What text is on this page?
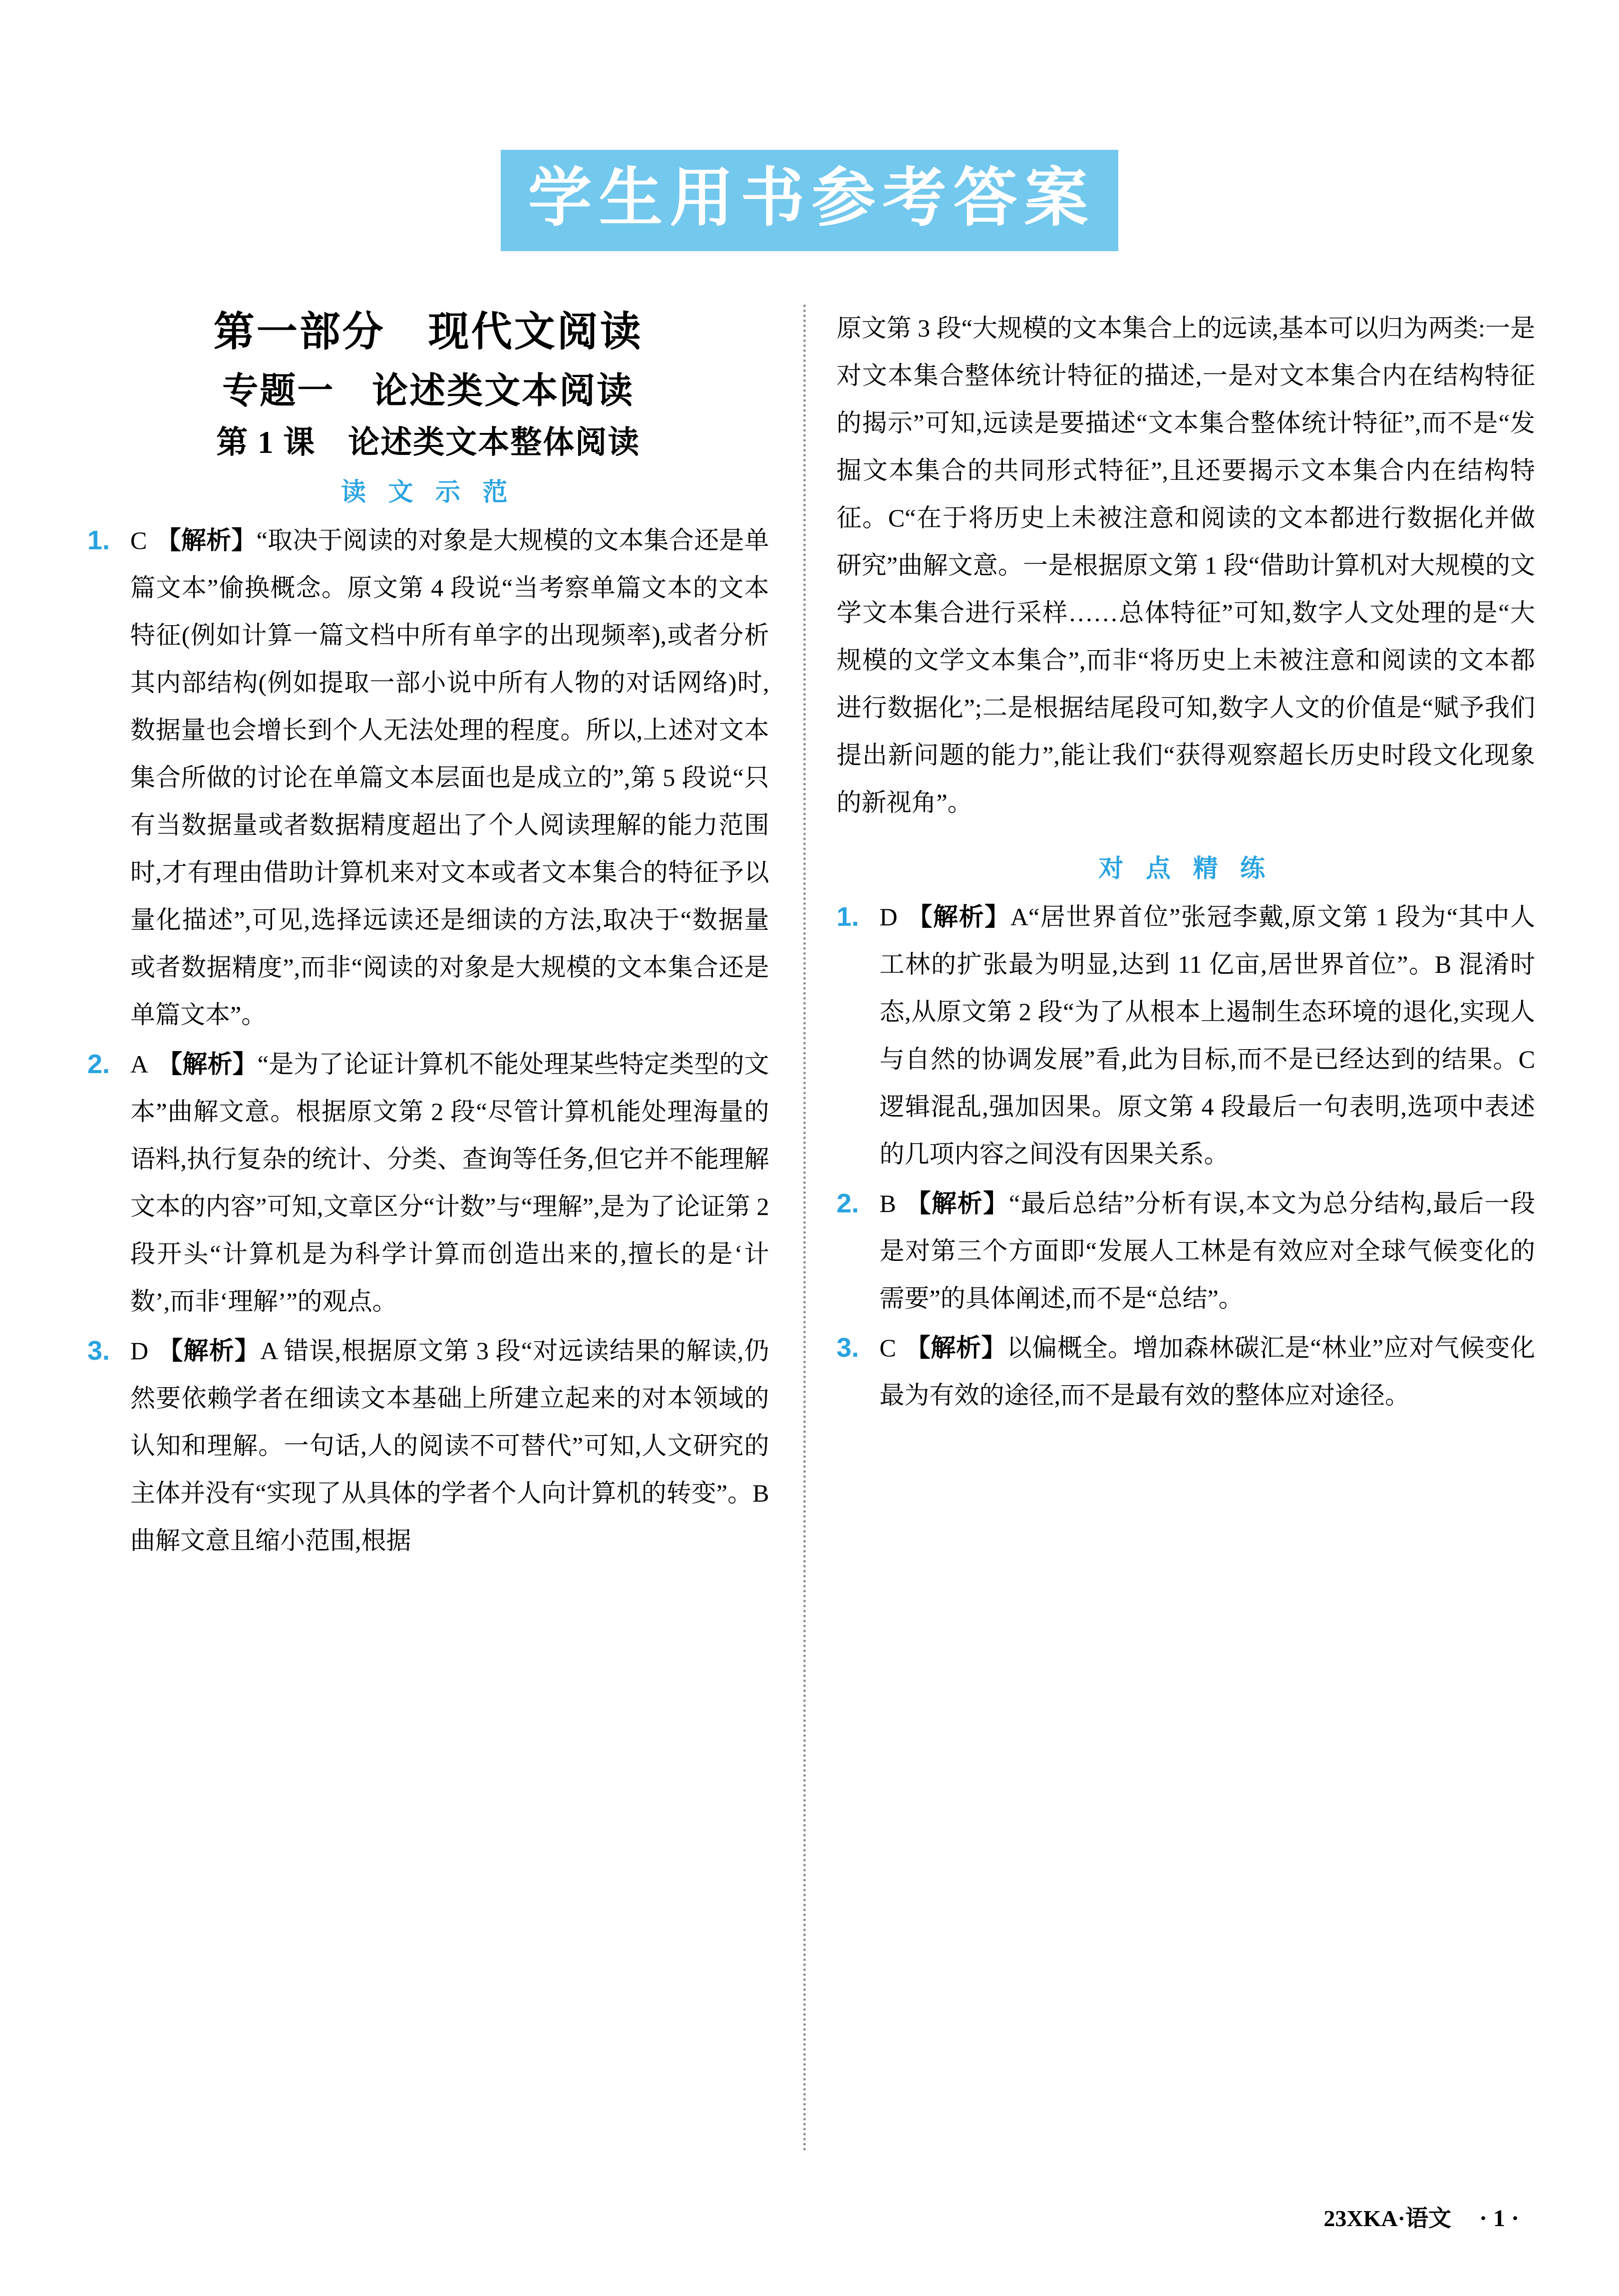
学生用书参考答案
第一部分　现代文阅读
专题一　论述类文本阅读
第 1 课　论述类文本整体阅读
读 文 示 范
1. C 【解析】“取决于阅读的对象是大规模的文本集合还是单篇文本”偷换概念。原文第 4 段说“当考察单篇文本的文本特征(例如计算一篇文档中所有单字的出现频率),或者分析其内部结构(例如提取一部小说中所有人物的对话网络)时,数据量也会增长到个人无法处理的程度。所以,上述对文本集合所做的讨论在单篇文本层面也是成立的”,第 5 段说“只有当数据量或者数据精度超出了个人阅读理解的能力范围时,才有理由借助计算机来对文本或者文本集合的特征予以量化描述”,可见,选择远读还是细读的方法,取决于“数据量或者数据精度”,而非“阅读的对象是大规模的文本集合还是单篇文本”。
2. A 【解析】“是为了论证计算机不能处理某些特定类型的文本”曲解文意。根据原文第 2 段“尽管计算机能处理海量的语料,执行复杂的统计、分类、查询等任务,但它并不能理解文本的内容”可知,文章区分“计数”与“理解”,是为了论证第 2 段开头“计算机是为科学计算而创造出来的,擅长的是‘计数’,而非‘理解’”的观点。
3. D 【解析】A 错误,根据原文第 3 段“对远读结果的解读,仍然要依赖学者在细读文本基础上所建立起来的对本领域的认知和理解。一句话,人的阅读不可替代”可知,人文研究的主体并没有“实现了从具体的学者个人向计算机的转变”。B 曲解文意且缩小范围,根据
原文第 3 段“大规模的文本集合上的远读,基本可以归为两类:一是对文本集合整体统计特征的描述,一是对文本集合内在结构特征的揭示”可知,远读是要描述“文本集合整体统计特征”,而不是“发掘文本集合的共同形式特征”,且还要揭示文本集合内在结构特征。C“在于将历史上未被注意和阅读的文本都进行数据化并做研究”曲解文意。一是根据原文第 1 段“借助计算机对大规模的文学文本集合进行采样……总体特征”可知,数字人文处理的是“大规模的文学文本集合”,而非“将历史上未被注意和阅读的文本都进行数据化”;二是根据结尾段可知,数字人文的价值是“赋予我们提出新问题的能力”,能让我们“获得观察超长历史时段文化现象的新视角”。
对 点 精 练
1. D 【解析】A“居世界首位”张冠李戴,原文第 1 段为“其中人工林的扩张最为明显,达到 11 亿亩,居世界首位”。B 混淆时态,从原文第 2 段“为了从根本上遏制生态环境的退化,实现人与自然的协调发展”看,此为目标,而不是已经达到的结果。C 逻辑混乱,强加因果。原文第 4 段最后一句表明,选项中表述的几项内容之间没有因果关系。
2. B 【解析】“最后总结”分析有误,本文为总分结构,最后一段是对第三个方面即“发展人工林是有效应对全球气候变化的需要”的具体阐述,而不是“总结”。
3. C 【解析】以偏概全。增加森林碳汇是“林业”应对气候变化最为有效的途径,而不是最有效的整体应对途径。
23XKA·语文 · 1 ·
